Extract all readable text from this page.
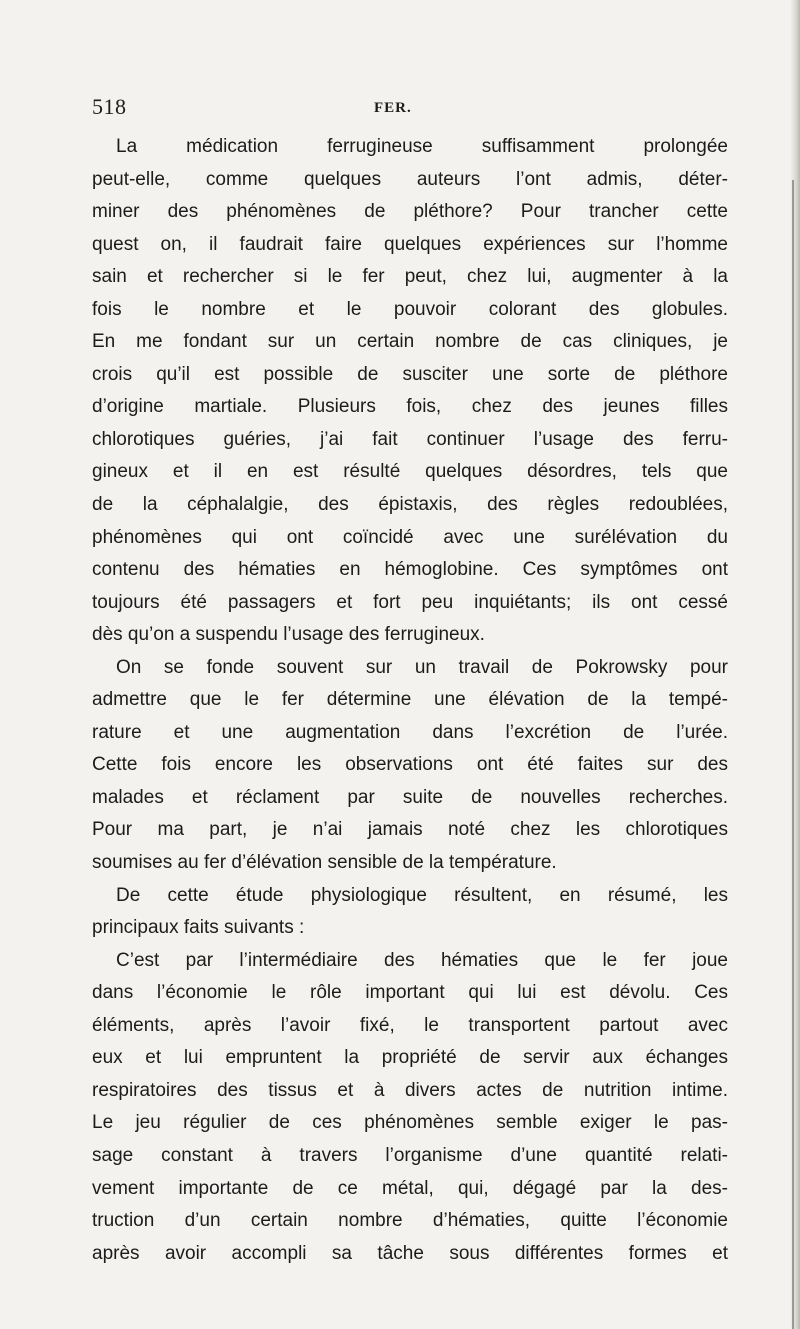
518	FER.
La médication ferrugineuse suffisamment prolongée
peut-elle, comme quelques auteurs l’ont admis, déter-
miner des phénomènes de pléthore? Pour trancher cette
quest on, il faudrait faire quelques expériences sur l’homme
sain et rechercher si le fer peut, chez lui, augmenter à la
fois le nombre et le pouvoir colorant des globules.
En me fondant sur un certain nombre de cas cliniques, je
crois qu’il est possible de susciter une sorte de pléthore
d’origine martiale. Plusieurs fois, chez des jeunes filles
chlorotiques guéries, j’ai fait continuer l’usage des ferru-
gineux et il en est résulté quelques désordres, tels que
de la céphalalgie, des épistaxis, des règles redoublées,
phénomènes qui ont coïncidé avec une surélévation du
contenu des hématies en hémoglobine. Ces symptômes ont
toujours été passagers et fort peu inquiétants; ils ont cessé
dès qu’on a suspendu l’usage des ferrugineux.
On se fonde souvent sur un travail de Pokrowsky pour
admettre que le fer détermine une élévation de la tempé-
rature et une augmentation dans l’excrétion de l’urée.
Cette fois encore les observations ont été faites sur des
malades et réclament par suite de nouvelles recherches.
Pour ma part, je n’ai jamais noté chez les chlorotiques
soumises au fer d’élévation sensible de la température.
De cette étude physiologique résultent, en résumé, les
principaux faits suivants :
C’est par l’intermédiaire des hématies que le fer joue
dans l’économie le rôle important qui lui est dévolu. Ces
éléments, après l’avoir fixé, le transportent partout avec
eux et lui empruntent la propriété de servir aux échanges
respiratoires des tissus et à divers actes de nutrition intime.
Le jeu régulier de ces phénomènes semble exiger le pas-
sage constant à travers l’organisme d’une quantité relati-
vement importante de ce métal, qui, dégagé par la des-
truction d’un certain nombre d’hématies, quitte l’économie
après avoir accompli sa tâche sous différentes formes et
